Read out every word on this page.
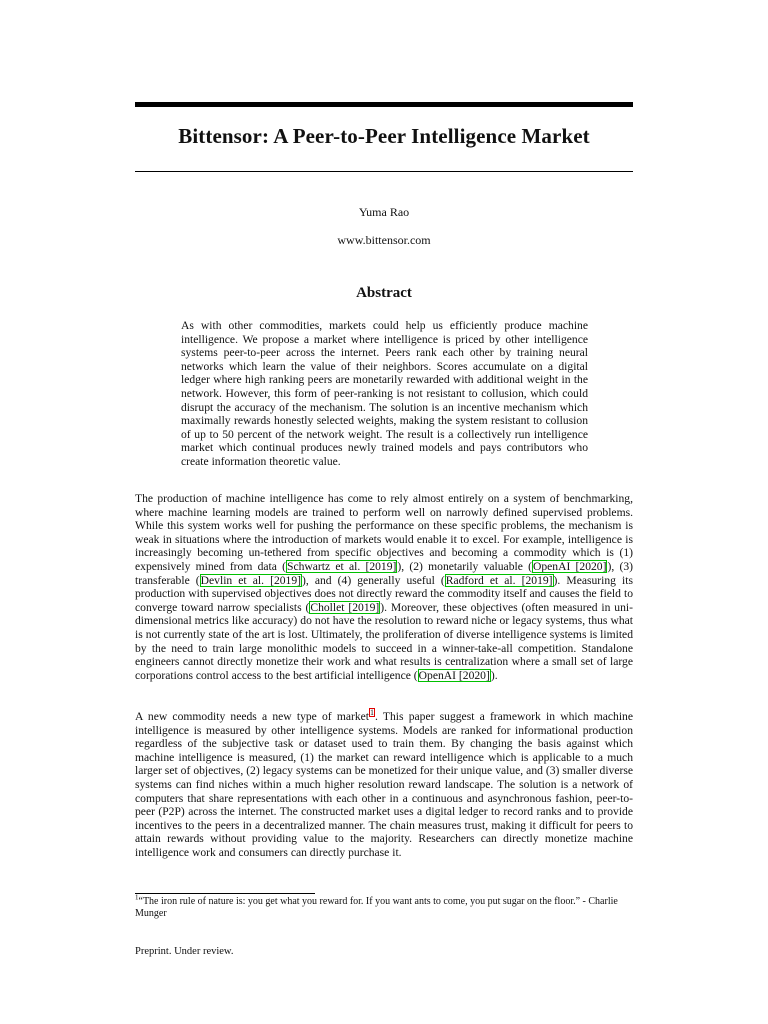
Bittensor: A Peer-to-Peer Intelligence Market
Yuma Rao
www.bittensor.com
Abstract

As with other commodities, markets could help us efficiently produce machine intelligence. We propose a market where intelligence is priced by other intelligence systems peer-to-peer across the internet. Peers rank each other by training neural networks which learn the value of their neighbors. Scores accumulate on a digital ledger where high ranking peers are monetarily rewarded with additional weight in the network. However, this form of peer-ranking is not resistant to collusion, which could disrupt the accuracy of the mechanism. The solution is an incentive mechanism which maximally rewards honestly selected weights, making the system resistant to collusion of up to 50 percent of the network weight. The result is a collectively run intelligence market which continual produces newly trained models and pays contributors who create information theoretic value.

The production of machine intelligence has come to rely almost entirely on a system of benchmarking, where machine learning models are trained to perform well on narrowly defined supervised problems. While this system works well for pushing the performance on these specific problems, the mechanism is weak in situations where the introduction of markets would enable it to excel. For example, intelligence is increasingly becoming un-tethered from specific objectives and becoming a commodity which is (1) expensively mined from data (Schwartz et al. [2019]), (2) monetarily valuable (OpenAI [2020]), (3) transferable (Devlin et al. [2019]), and (4) generally useful (Radford et al. [2019]). Measuring its production with supervised objectives does not directly reward the commodity itself and causes the field to converge toward narrow specialists (Chollet [2019]). Moreover, these objectives (often measured in uni-dimensional metrics like accuracy) do not have the resolution to reward niche or legacy systems, thus what is not currently state of the art is lost. Ultimately, the proliferation of diverse intelligence systems is limited by the need to train large monolithic models to succeed in a winner-take-all competition. Standalone engineers cannot directly monetize their work and what results is centralization where a small set of large corporations control access to the best artificial intelligence (OpenAI [2020]).

A new commodity needs a new type of market$^1$. This paper suggest a framework in which machine intelligence is measured by other intelligence systems. Models are ranked for informational production regardless of the subjective task or dataset used to train them. By changing the basis against which machine intelligence is measured, (1) the market can reward intelligence which is applicable to a much larger set of objectives, (2) legacy systems can be monetized for their unique value, and (3) smaller diverse systems can find niches within a much higher resolution reward landscape. The solution is a network of computers that share representations with each other in a continuous and asynchronous fashion, peer-to-peer (P2P) across the internet. The constructed market uses a digital ledger to record ranks and to provide incentives to the peers in a decentralized manner. The chain measures trust, making it difficult for peers to attain rewards without providing value to the majority. Researchers can directly monetize machine intelligence work and consumers can directly purchase it.

$^1$“The iron rule of nature is: you get what you reward for. If you want ants to come, you put sugar on the floor.” - Charlie Munger

Preprint. Under review.
